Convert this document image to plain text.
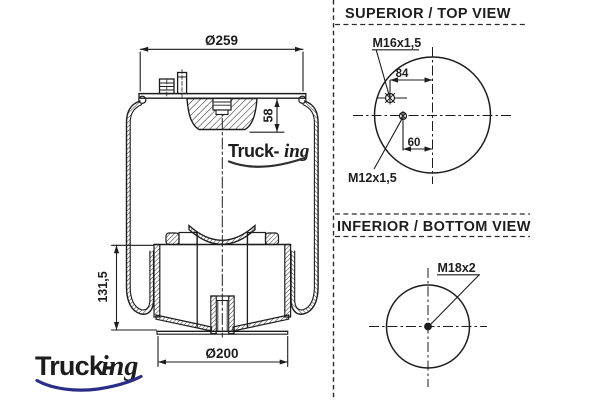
Ø259
58
131,5
Ø200
Truck- ing
SUPERIOR / TOP VIEW
84
60
M16x1,5
M12x1,5
INFERIOR / BOTTOM VIEW
M18x2
Truck-
ing
